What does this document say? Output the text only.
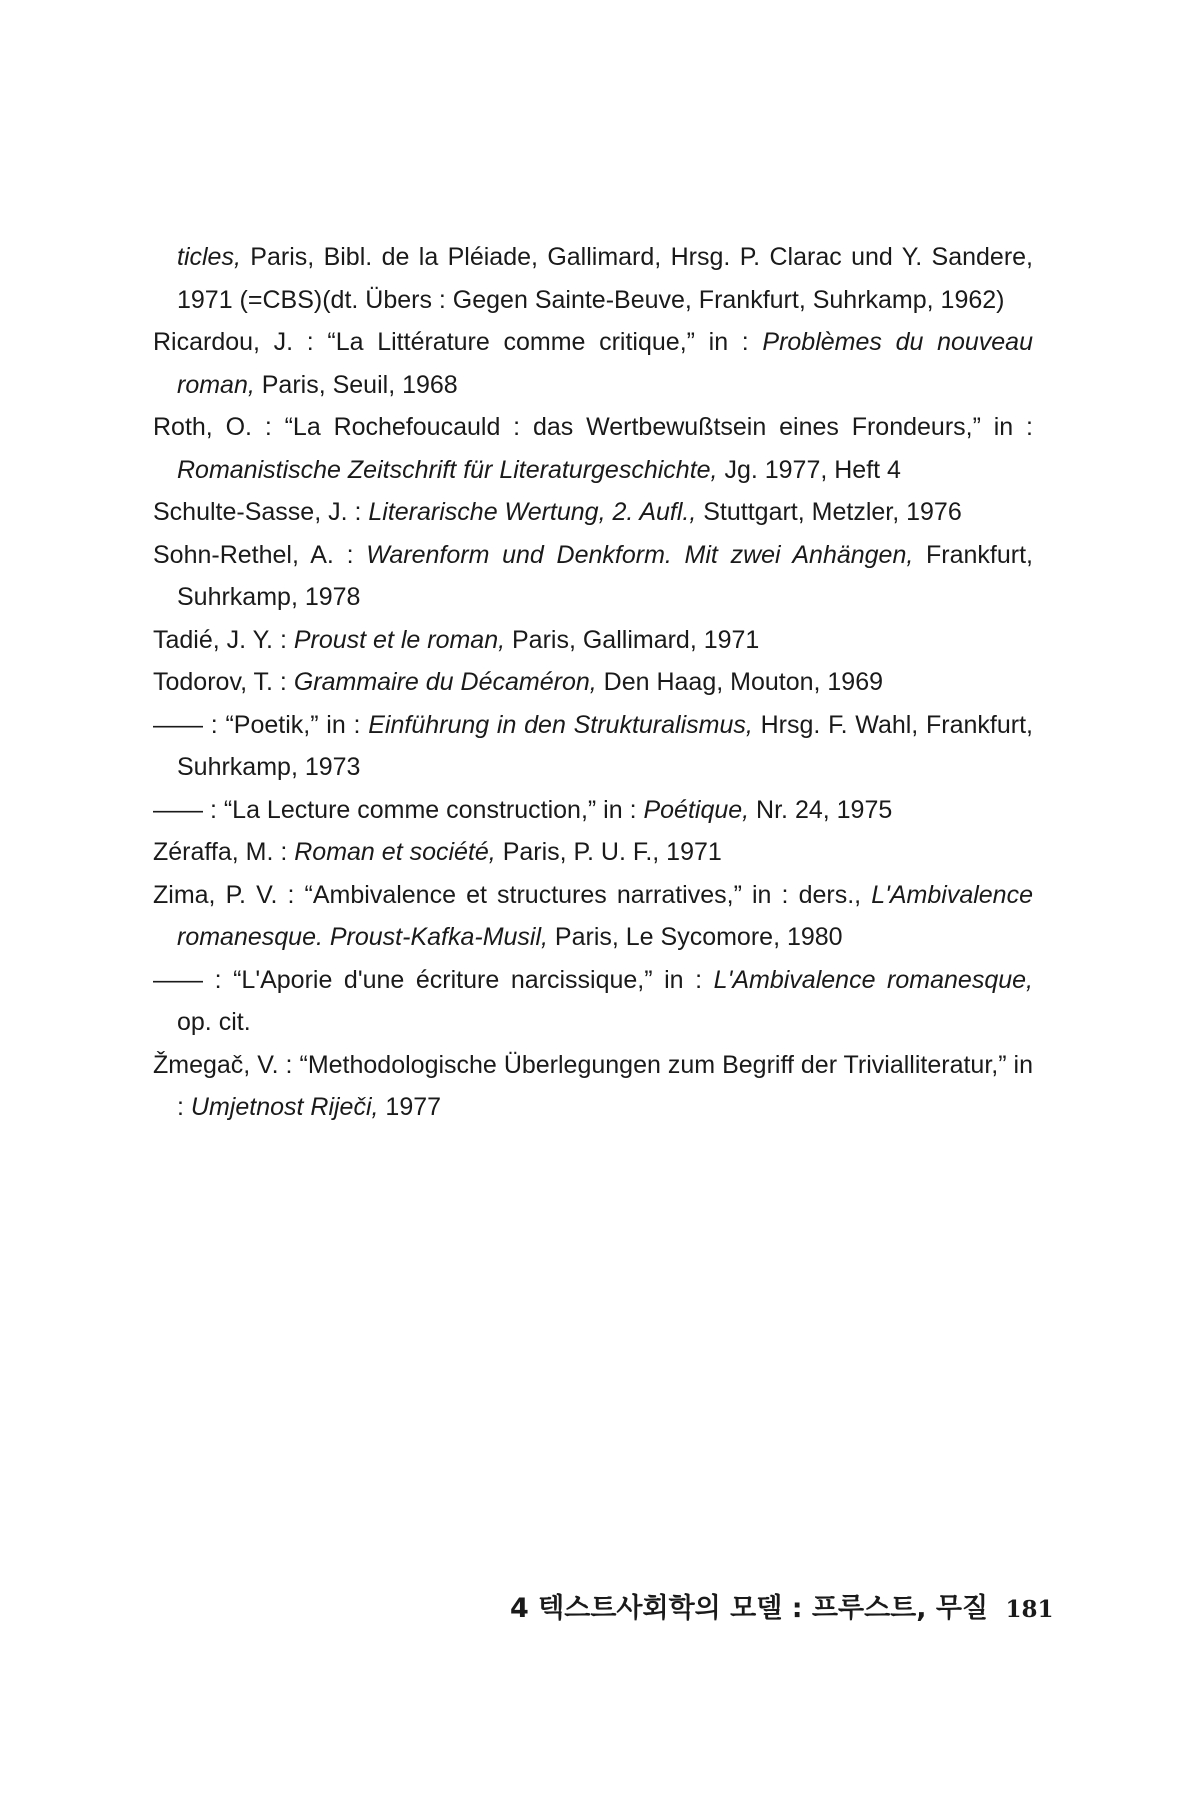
ticles, Paris, Bibl. de la Pléiade, Gallimard, Hrsg. P. Clarac und Y. Sandere, 1971 (=CBS)(dt. Übers : Gegen Sainte-Beuve, Frankfurt, Suhrkamp, 1962)

Ricardou, J. : “La Littérature comme critique,” in : Problèmes du nouveau roman, Paris, Seuil, 1968

Roth, O. : “La Rochefoucauld : das Wertbewußtsein eines Frondeurs,” in : Romanistische Zeitschrift für Literaturgeschichte, Jg. 1977, Heft 4

Schulte-Sasse, J. : Literarische Wertung, 2. Aufl., Stuttgart, Metzler, 1976

Sohn-Rethel, A. : Warenform und Denkform. Mit zwei Anhängen, Frankfurt, Suhrkamp, 1978

Tadié, J. Y. : Proust et le roman, Paris, Gallimard, 1971

Todorov, T. : Grammaire du Décaméron, Den Haag, Mouton, 1969

—— : “Poetik,” in : Einführung in den Strukturalismus, Hrsg. F. Wahl, Frankfurt, Suhrkamp, 1973

—— : “La Lecture comme construction,” in : Poétique, Nr. 24, 1975

Zéraffa, M. : Roman et société, Paris, P. U. F., 1971

Zima, P. V. : “Ambivalence et structures narratives,” in : ders., L'Ambivalence romanesque. Proust-Kafka-Musil, Paris, Le Sycomore, 1980

—— : “L'Aporie d'une écriture narcissique,” in : L'Ambivalence romanesque, op. cit.

Žmegač, V. : “Methodologische Überlegungen zum Begriff der Trivialliteratur,” in : Umjetnost Riječi, 1977

4 텍스트사회학의 모델 : 프루스트, 무질 181
